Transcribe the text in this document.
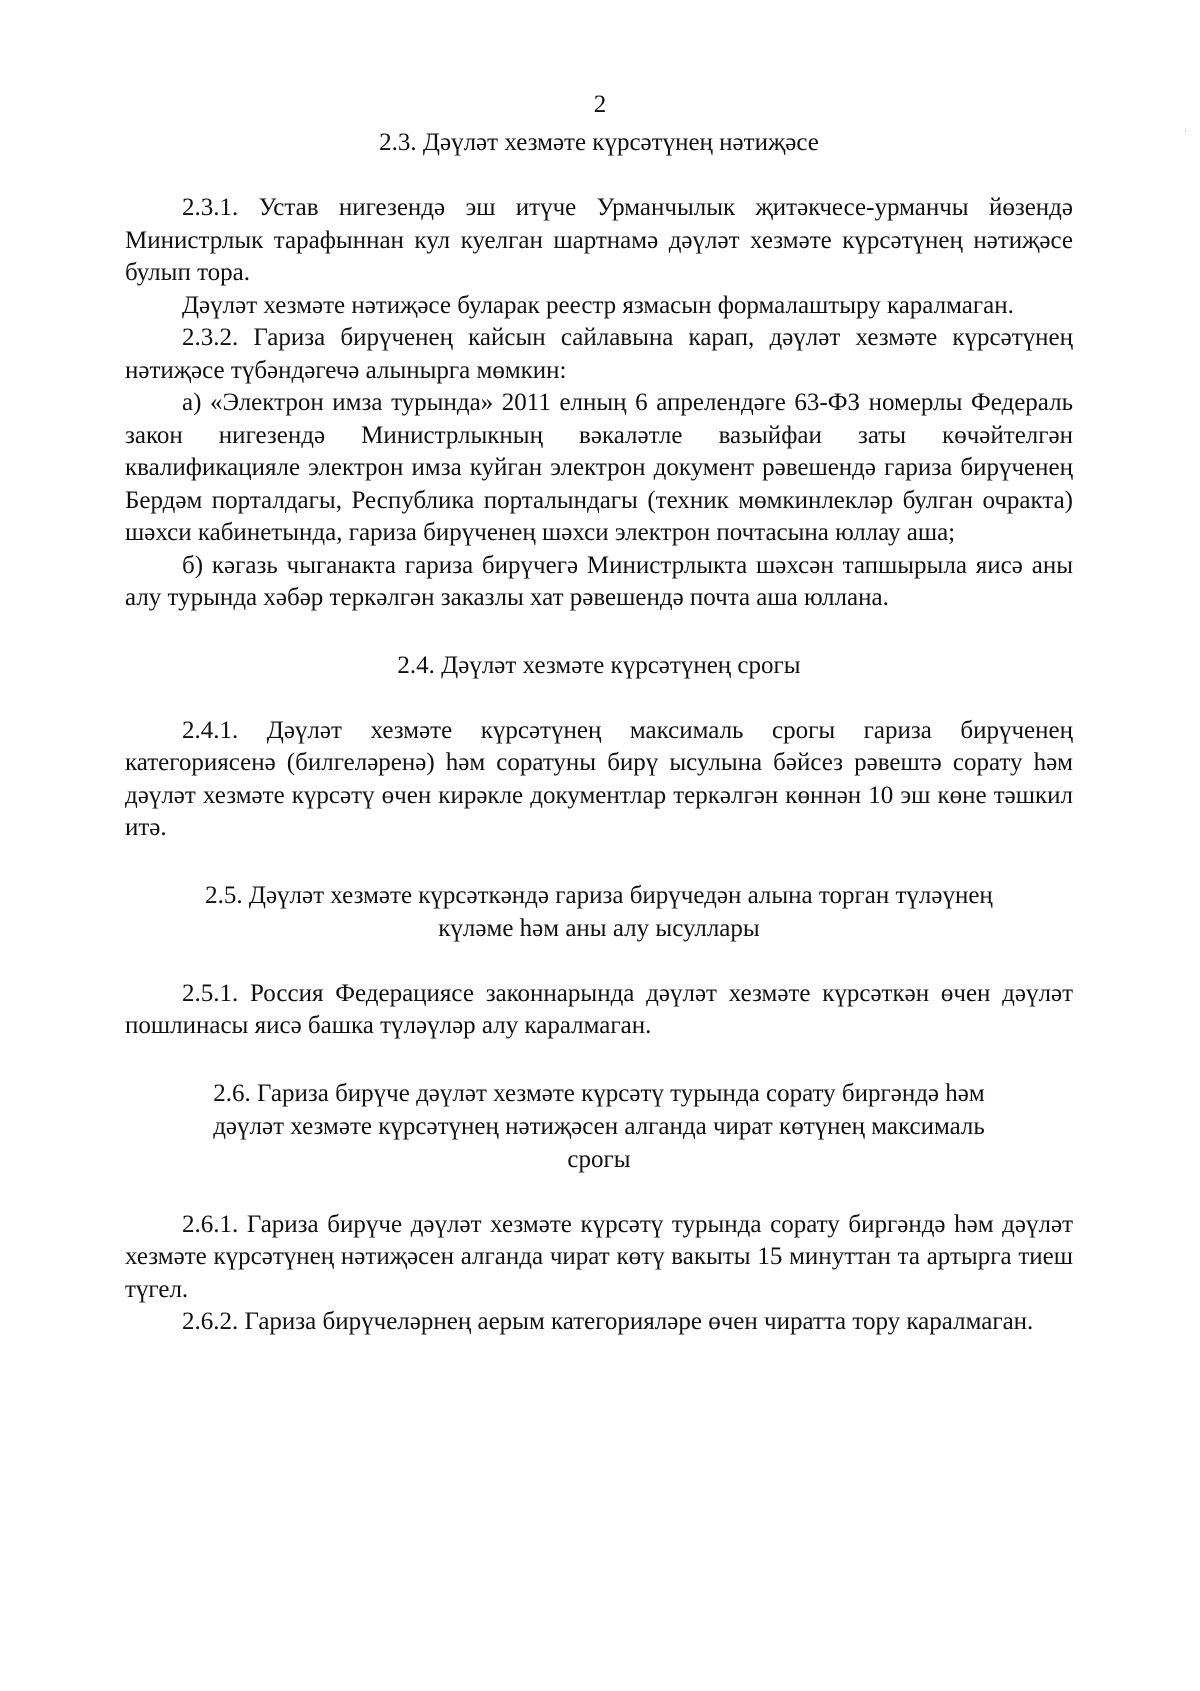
2
2.3. Дәүләт хезмәте күрсәтүнең нәтиҗәсе

2.3.1. Устав нигезендә эш итүче Урманчылык җитәкчесе-урманчы йөзендә Министрлык тарафыннан кул куелган шартнамә дәүләт хезмәте күрсәтүнең нәтиҗәсе булып тора.

Дәүләт хезмәте нәтиҗәсе буларак реестр язмасын формалаштыру каралмаган.

2.3.2. Гариза бирүченең кайсын сайлавына карап, дәүләт хезмәте күрсәтүнең нәтиҗәсе түбәндәгечә алынырга мөмкин:

а) «Электрон имза турында» 2011 елның 6 апрелендәге 63-ФЗ номерлы Федераль закон нигезендә Министрлыкның вәкаләтле вазыйфаи заты көчәйтелгән квалификацияле электрон имза куйган электрон документ рәвешендә гариза бирүченең Бердәм порталдагы, Республика порталындагы (техник мөмкинлекләр булган очракта) шәхси кабинетында, гариза бирүченең шәхси электрон почтасына юллау аша;

б) кәгазь чыганакта гариза бирүчегә Министрлыкта шәхсән тапшырыла яисә аны алу турында хәбәр теркәлгән заказлы хат рәвешендә почта аша юллана.

2.4. Дәүләт хезмәте күрсәтүнең срогы

2.4.1. Дәүләт хезмәте күрсәтүнең максималь срогы гариза бирүченең категориясенә (билгеләренә) һәм соратуны бирү ысулына бәйсез рәвештә сорату һәм дәүләт хезмәте күрсәтү өчен кирәкле документлар теркәлгән көннән 10 эш көне тәшкил итә.

2.5. Дәүләт хезмәте күрсәткәндә гариза бирүчедән алына торган түләүнең
күләме һәм аны алу ысуллары

2.5.1. Россия Федерациясе законнарында дәүләт хезмәте күрсәткән өчен дәүләт пошлинасы яисә башка түләүләр алу каралмаган.

2.6. Гариза бирүче дәүләт хезмәте күрсәтү турында сорату биргәндә һәм
дәүләт хезмәте күрсәтүнең нәтиҗәсен алганда чират көтүнең максималь
срогы

2.6.1. Гариза бирүче дәүләт хезмәте күрсәтү турында сорату биргәндә һәм дәүләт хезмәте күрсәтүнең нәтиҗәсен алганда чират көтү вакыты 15 минуттан та артырга тиеш түгел.

2.6.2. Гариза бирүчеләрнең аерым категорияләре өчен чиратта тору каралмаган.
